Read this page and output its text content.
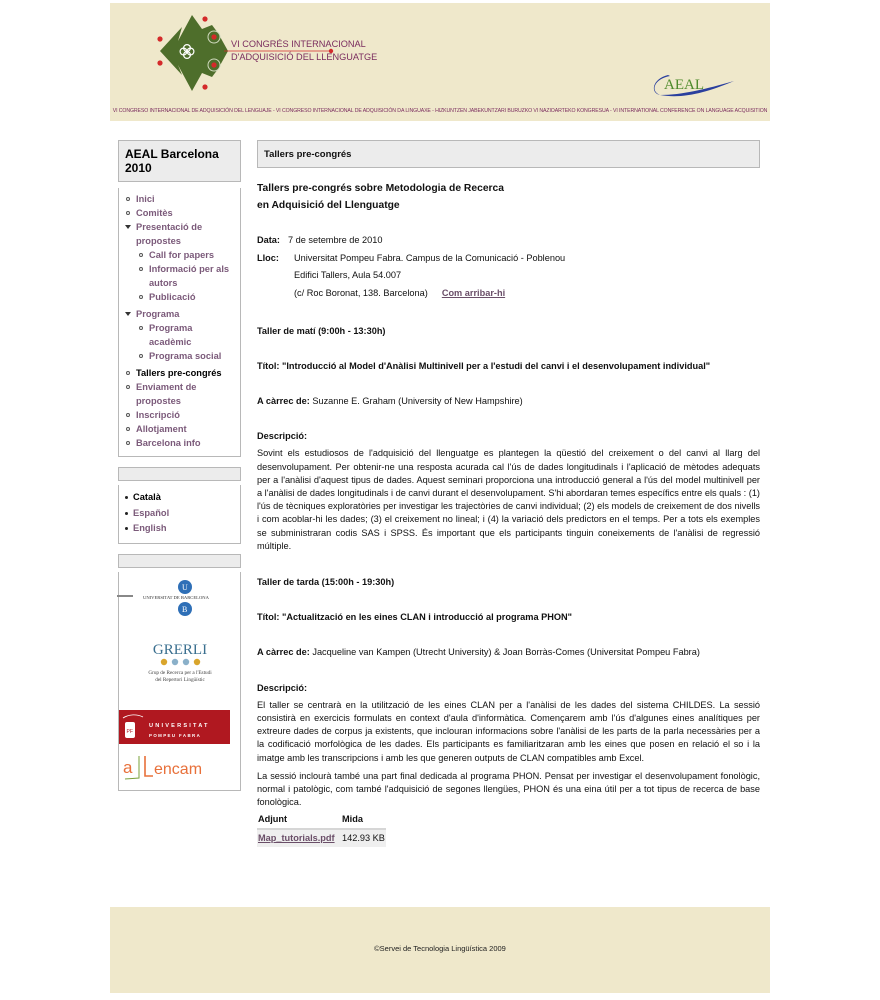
VI CONGRÉS INTERNACIONAL
D'ADQUISICIÓ DEL LLENGUATGE
AEAL
VI CONGRESO INTERNACIONAL DE ADQUISICIÓN DEL LENGUAJE - VI CONGRESO INTERNACIONAL DE ADQUISICIÓN DA LINGUAXE - HIZKUNTZEN JABEKUNTZARI BURUZKO VI NAZIOARTEKO KONGRESUA - VI INTERNATIONAL CONFERENCE ON LANGUAGE ACQUISITION
AEAL Barcelona 2010
Inici
Comitès
Presentació de propostes
Call for papers
Informació per als autors
Publicació
Programa
Programa acadèmic
Programa social
Tallers pre-congrés
Enviament de propostes
Inscripció
Allotjament
Barcelona info
Català
Español
English
UNIVERSITAT DE BARCELONA
U
B
GRERLI
Grup de Recerca per a l'Estudi
del Repertori Lingüístic
PF
UNIVERSITAT
POMPEU FABRA
a encam
Tallers pre-congrés
Tallers pre-congrés sobre Metodologia de Recerca
en Adquisició del Llenguatge
Data: 7 de setembre de 2010
Lloc:	Universitat Pompeu Fabra. Campus de la Comunicació - Poblenou
Edifici Tallers, Aula 54.007
(c/ Roc Boronat, 138. Barcelona) Com arribar-hi
Taller de matí (9:00h - 13:30h)
Títol: "Introducció al Model d'Anàlisi Multinivell per a l'estudi del canvi i el desenvolupament individual"
A càrrec de: Suzanne E. Graham (University of New Hampshire)
Descripció:

Sovint els estudiosos de l'adquisició del llenguatge es plantegen la qüestió del creixement o del canvi al llarg del desenvolupament. Per obtenir-ne una resposta acurada cal l'ús de dades longitudinals i l'aplicació de mètodes adequats per a l'anàlisi d'aquest tipus de dades. Aquest seminari proporciona una introducció general a l'ús del model multinivell per a l'anàlisi de dades longitudinals i de canvi durant el desenvolupament. S'hi abordaran temes específics entre els quals : (1) l'ús de tècniques exploratòries per investigar les trajectòries de canvi individual; (2) els models de creixement de dos nivells i com acoblar-hi les dades; (3) el creixement no lineal; i (4) la variació dels predictors en el temps. Per a tots els exemples se subministraran codis SAS i SPSS. És important que els participants tinguin coneixements de l'anàlisi de regressió múltiple.

Taller de tarda (15:00h - 19:30h)
Títol: "Actualització en les eines CLAN i introducció al programa PHON"
A càrrec de: Jacqueline van Kampen (Utrecht University) & Joan Borràs-Comes (Universitat Pompeu Fabra)
Descripció:

El taller se centrarà en la utilització de les eines CLAN per a l'anàlisi de les dades del sistema CHILDES. La sessió consistirà en exercicis formulats en context d'aula d'informàtica. Començarem amb l'ús d'algunes eines analítiques per extreure dades de corpus ja existents, que inclouran informacions sobre l'anàlisi de les parts de la parla necessàries per a la codificació morfològica de les dades. Els participants es familiaritzaran amb les eines que posen en relació el so i la imatge amb les transcripcions i amb les que generen outputs de CLAN compatibles amb Excel.

La sessió inclourà també una part final dedicada al programa PHON. Pensat per investigar el desenvolupament fonològic, normal i patològic, com també l'adquisició de segones llengües, PHON és una eina útil per a tot tipus de recerca de base fonològica.

Adjunt	Mida
Map_tutorials.pdf	142.93 KB
©Servei de Tecnologia Lingüística 2009
